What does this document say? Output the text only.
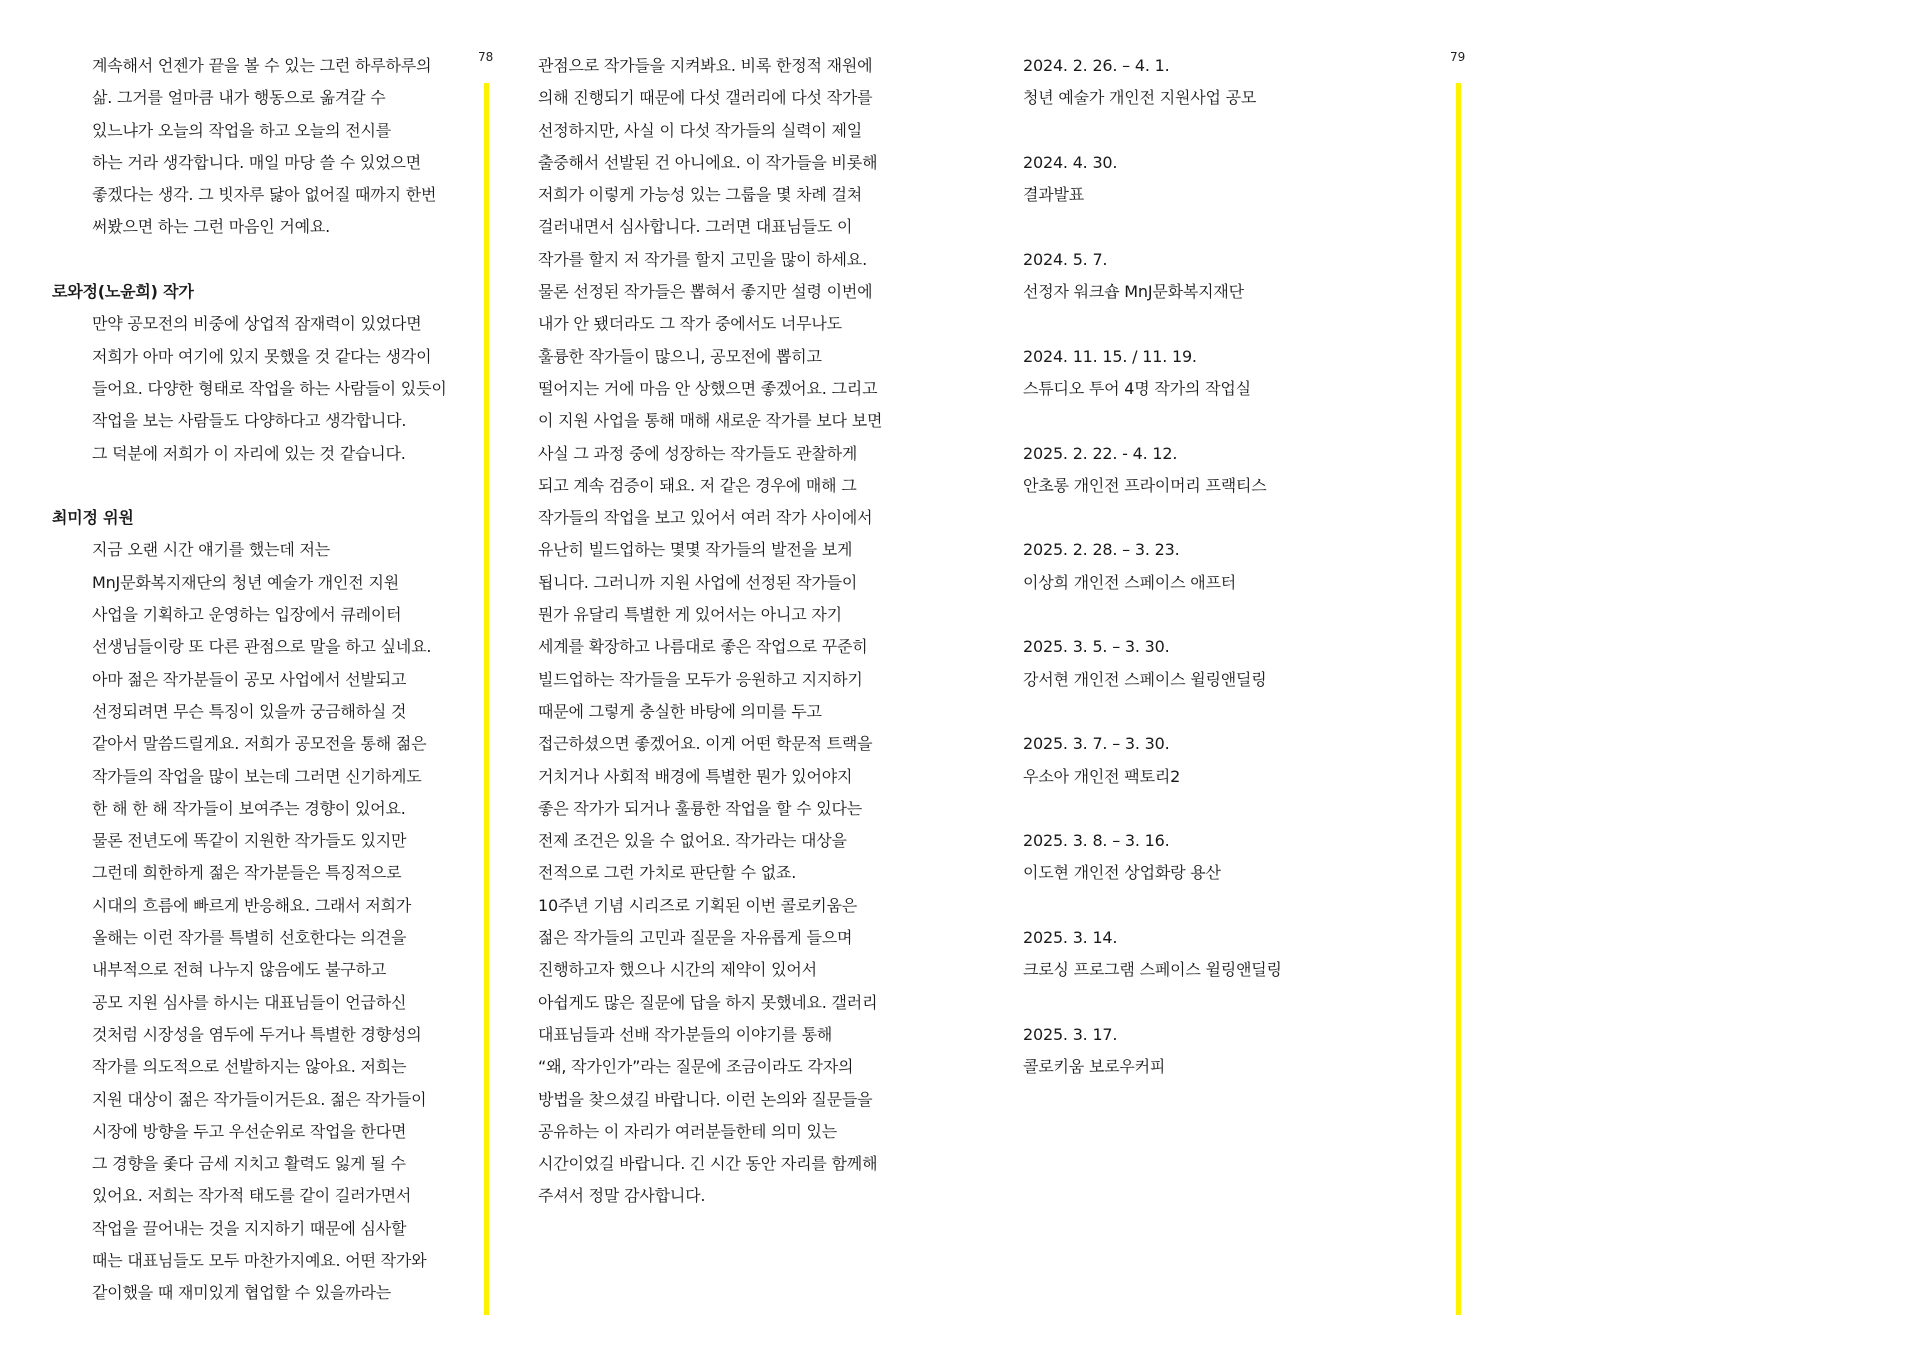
계속해서 언젠가 끝을 볼 수 있는 그런 하루하루의
삶. 그거를 얼마큼 내가 행동으로 옮겨갈 수
있느냐가 오늘의 작업을 하고 오늘의 전시를
하는 거라 생각합니다. 매일 마당 쓸 수 있었으면
좋겠다는 생각. 그 빗자루 닳아 없어질 때까지 한번
써봤으면 하는 그런 마음인 거예요.
로와정(노윤희) 작가
만약 공모전의 비중에 상업적 잠재력이 있었다면
저희가 아마 여기에 있지 못했을 것 같다는 생각이
들어요. 다양한 형태로 작업을 하는 사람들이 있듯이
작업을 보는 사람들도 다양하다고 생각합니다.
그 덕분에 저희가 이 자리에 있는 것 같습니다.
최미정 위원
지금 오랜 시간 얘기를 했는데 저는
MnJ문화복지재단의 청년 예술가 개인전 지원
사업을 기획하고 운영하는 입장에서 큐레이터
선생님들이랑 또 다른 관점으로 말을 하고 싶네요.
아마 젊은 작가분들이 공모 사업에서 선발되고
선정되려면 무슨 특징이 있을까 궁금해하실 것
같아서 말씀드릴게요. 저희가 공모전을 통해 젊은
작가들의 작업을 많이 보는데 그러면 신기하게도
한 해 한 해 작가들이 보여주는 경향이 있어요.
물론 전년도에 똑같이 지원한 작가들도 있지만
그런데 희한하게 젊은 작가분들은 특징적으로
시대의 흐름에 빠르게 반응해요. 그래서 저희가
올해는 이런 작가를 특별히 선호한다는 의견을
내부적으로 전혀 나누지 않음에도 불구하고
공모 지원 심사를 하시는 대표님들이 언급하신
것처럼 시장성을 염두에 두거나 특별한 경향성의
작가를 의도적으로 선발하지는 않아요. 저희는
지원 대상이 젊은 작가들이거든요. 젊은 작가들이
시장에 방향을 두고 우선순위로 작업을 한다면
그 경향을 좇다 금세 지치고 활력도 잃게 될 수
있어요. 저희는 작가적 태도를 같이 길러가면서
작업을 끌어내는 것을 지지하기 때문에 심사할
때는 대표님들도 모두 마찬가지예요. 어떤 작가와
같이했을 때 재미있게 협업할 수 있을까라는
78	관점으로 작가들을 지켜봐요. 비록 한정적 재원에
의해 진행되기 때문에 다섯 갤러리에 다섯 작가를
선정하지만, 사실 이 다섯 작가들의 실력이 제일
출중해서 선발된 건 아니에요. 이 작가들을 비롯해
저희가 이렇게 가능성 있는 그룹을 몇 차례 걸쳐
걸러내면서 심사합니다. 그러면 대표님들도 이
작가를 할지 저 작가를 할지 고민을 많이 하세요.
물론 선정된 작가들은 뽑혀서 좋지만 설령 이번에
내가 안 됐더라도 그 작가 중에서도 너무나도
훌륭한 작가들이 많으니, 공모전에 뽑히고
떨어지는 거에 마음 안 상했으면 좋겠어요. 그리고
이 지원 사업을 통해 매해 새로운 작가를 보다 보면
사실 그 과정 중에 성장하는 작가들도 관찰하게
되고 계속 검증이 돼요. 저 같은 경우에 매해 그
작가들의 작업을 보고 있어서 여러 작가 사이에서
유난히 빌드업하는 몇몇 작가들의 발전을 보게
됩니다. 그러니까 지원 사업에 선정된 작가들이
뭔가 유달리 특별한 게 있어서는 아니고 자기
세계를 확장하고 나름대로 좋은 작업으로 꾸준히
빌드업하는 작가들을 모두가 응원하고 지지하기
때문에 그렇게 충실한 바탕에 의미를 두고
접근하셨으면 좋겠어요. 이게 어떤 학문적 트랙을
거치거나 사회적 배경에 특별한 뭔가 있어야지
좋은 작가가 되거나 훌륭한 작업을 할 수 있다는
전제 조건은 있을 수 없어요. 작가라는 대상을
전적으로 그런 가치로 판단할 수 없죠.
10주년 기념 시리즈로 기획된 이번 콜로키움은
젊은 작가들의 고민과 질문을 자유롭게 들으며
진행하고자 했으나 시간의 제약이 있어서
아쉽게도 많은 질문에 답을 하지 못했네요. 갤러리
대표님들과 선배 작가분들의 이야기를 통해
“왜, 작가인가”라는 질문에 조금이라도 각자의
방법을 찾으셨길 바랍니다. 이런 논의와 질문들을
공유하는 이 자리가 여러분들한테 의미 있는
시간이었길 바랍니다. 긴 시간 동안 자리를 함께해
주셔서 정말 감사합니다.
2024. 2. 26. – 4. 1.
청년 예술가 개인전 지원사업 공모
2024. 4. 30.
결과발표
2024. 5. 7.
선정자 워크숍 MnJ문화복지재단
2024. 11. 15. / 11. 19.
스튜디오 투어 4명 작가의 작업실
2025. 2. 22. - 4. 12.
안초롱 개인전 프라이머리 프랙티스
2025. 2. 28. – 3. 23.
이상희 개인전 스페이스 애프터
2025. 3. 5. – 3. 30.
강서현 개인전 스페이스 윌링앤딜링
2025. 3. 7. – 3. 30.
우소아 개인전 팩토리2
2025. 3. 8. – 3. 16.
이도현 개인전 상업화랑 용산
2025. 3. 14.
크로싱 프로그램 스페이스 윌링앤딜링
2025. 3. 17.
콜로키움 보로우커피
79
